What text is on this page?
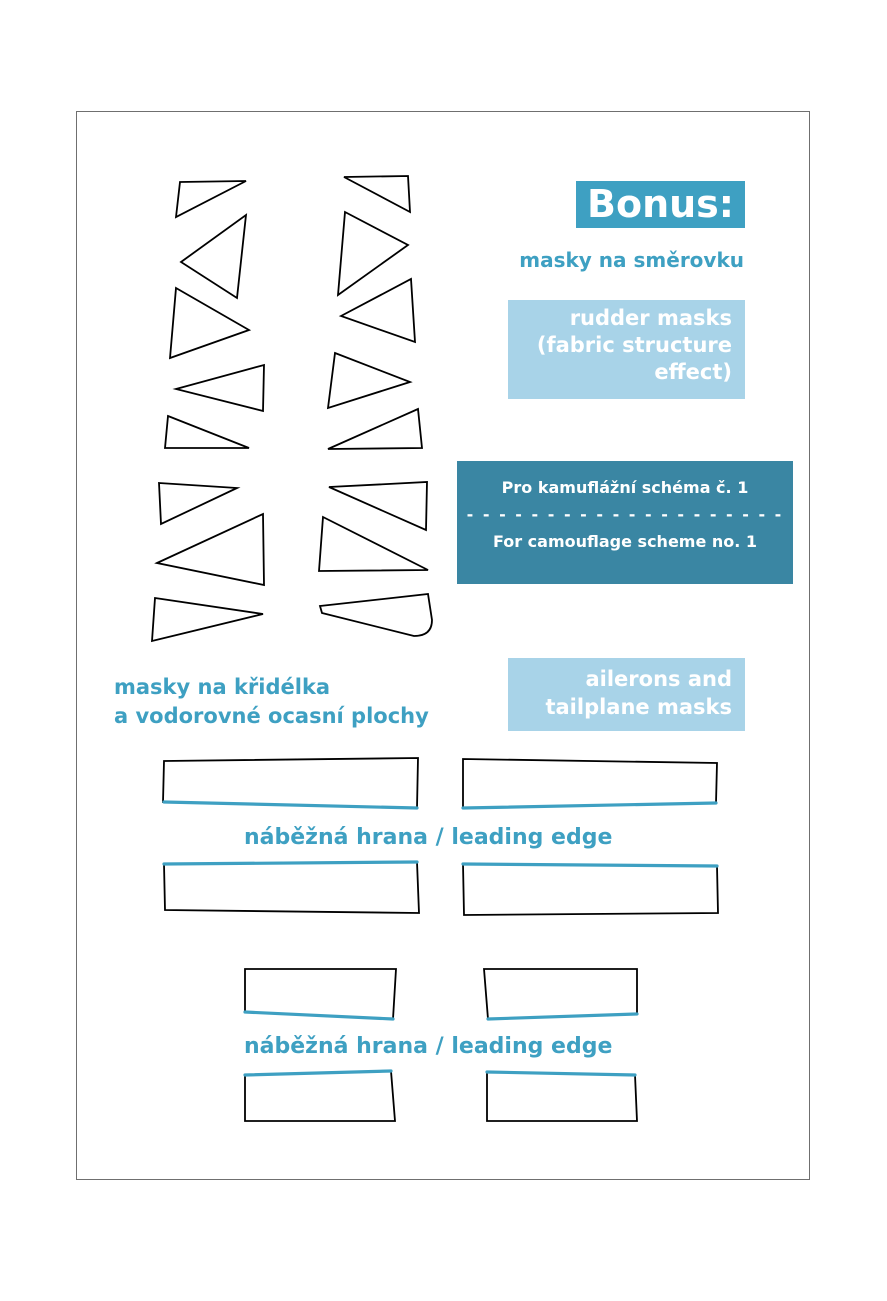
Bonus:
masky na směrovku
rudder masks
(fabric structure
effect)
Pro kamuflážní schéma č. 1
- - - - - - - - - - - - - - - - - - - -
For camouflage scheme no. 1
masky na křidélka
a vodorovné ocasní plochy
ailerons and
tailplane masks
náběžná hrana / leading edge
náběžná hrana / leading edge
